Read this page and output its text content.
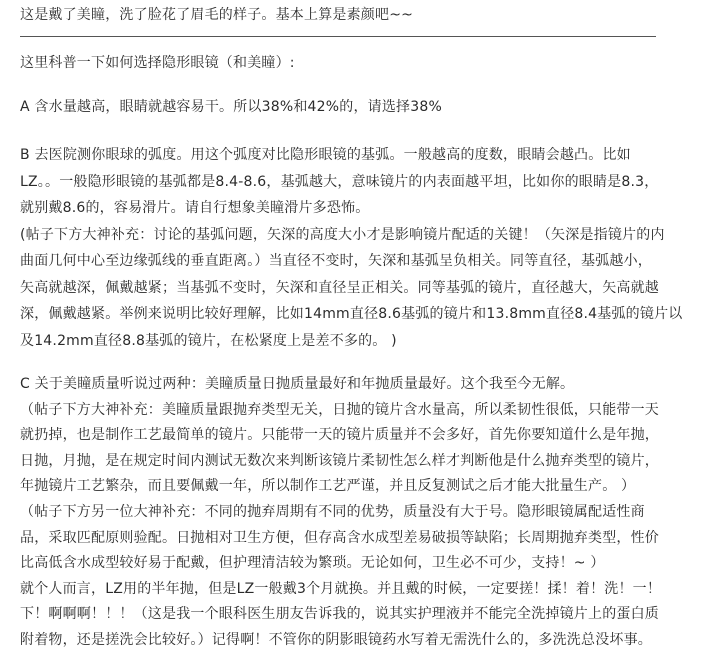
这是戴了美瞳，洗了脸花了眉毛的样子。基本上算是素颜吧~~
这里科普一下如何选择隐形眼镜（和美瞳）:
A 含水量越高，眼睛就越容易干。所以38%和42%的，请选择38%
B 去医院测你眼球的弧度。用这个弧度对比隐形眼镜的基弧。一般越高的度数，眼睛会越凸。比如
LZ。。一般隐形眼镜的基弧都是8.4-8.6，基弧越大，意味镜片的内表面越平坦，比如你的眼睛是8.3，
就别戴8.6的，容易滑片。请自行想象美瞳滑片多恐怖。
(帖子下方大神补充：讨论的基弧问题，矢深的高度大小才是影响镜片配适的关键！（矢深是指镜片的内
曲面几何中心至边缘弧线的垂直距离。）当直径不变时，矢深和基弧呈负相关。同等直径，基弧越小，
矢高就越深，佩戴越紧；当基弧不变时，矢深和直径呈正相关。同等基弧的镜片，直径越大，矢高就越
深，佩戴越紧。举例来说明比较好理解，比如14mm直径8.6基弧的镜片和13.8mm直径8.4基弧的镜片以
及14.2mm直径8.8基弧的镜片，在松紧度上是差不多的。 )
C 关于美瞳质量听说过两种：美瞳质量日抛质量最好和年抛质量最好。这个我至今无解。
（帖子下方大神补充：美瞳质量跟抛弃类型无关，日抛的镜片含水量高，所以柔韧性很低，只能带一天
就扔掉，也是制作工艺最简单的镜片。只能带一天的镜片质量并不会多好，首先你要知道什么是年抛，
日抛，月抛，是在规定时间内测试无数次来判断该镜片柔韧性怎么样才判断他是什么抛弃类型的镜片，
年抛镜片工艺繁杂，而且要佩戴一年，所以制作工艺严谨，并且反复测试之后才能大批量生产。 ）
（帖子下方另一位大神补充：不同的抛弃周期有不同的优势，质量没有大于号。隐形眼镜属配适性商
品，采取匹配原则验配。日抛相对卫生方便，但存高含水成型差易破损等缺陷；长周期抛弃类型，性价
比高低含水成型较好易于配戴，但护理清洁较为繁琐。无论如何，卫生必不可少，支持！~ ）
就个人而言，LZ用的半年抛，但是LZ一般戴3个月就换。并且戴的时候，一定要搓！揉！着！洗！一！
下！啊啊啊！！！（这是我一个眼科医生朋友告诉我的，说其实护理液并不能完全洗掉镜片上的蛋白质
附着物，还是搓洗会比较好。）记得啊！不管你的阴影眼镜药水写着无需洗什么的，多洗洗总没坏事。
